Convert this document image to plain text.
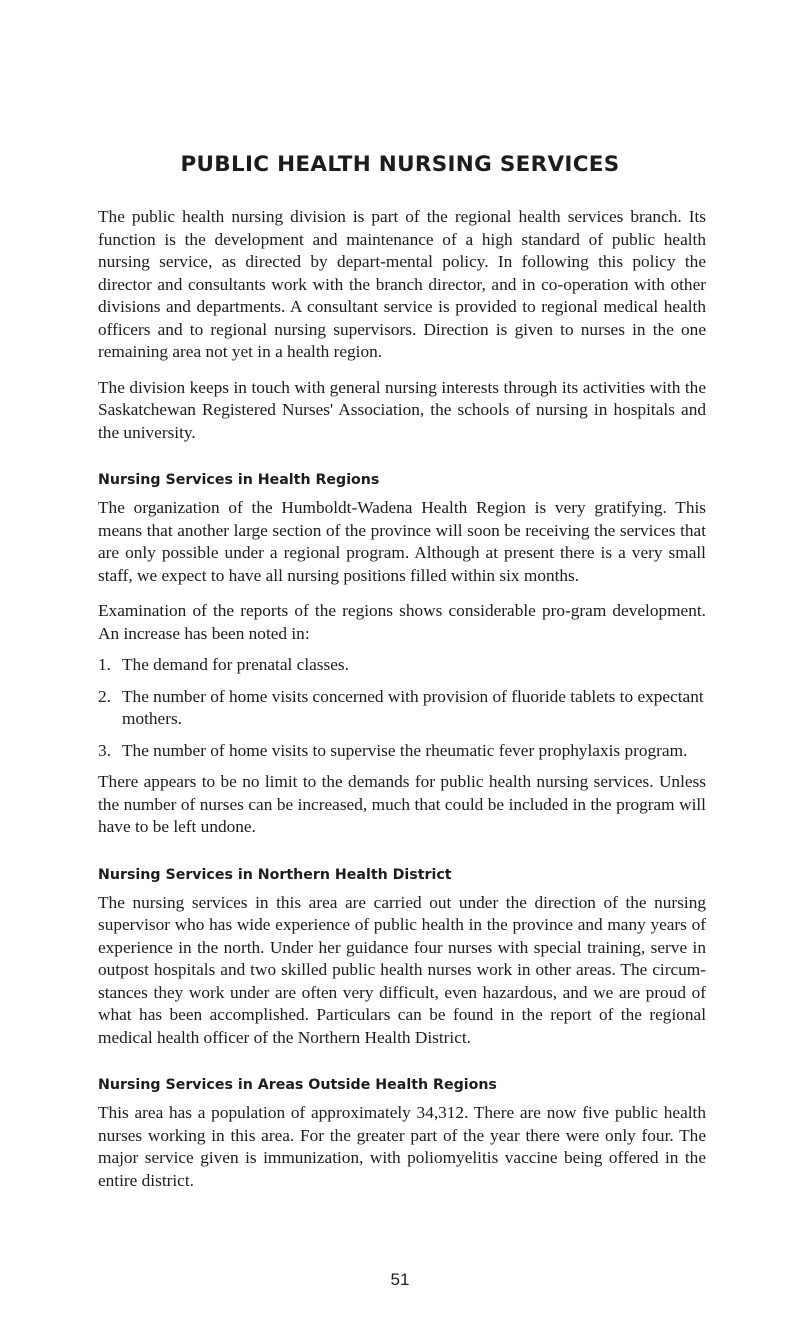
PUBLIC HEALTH NURSING SERVICES

The public health nursing division is part of the regional health services branch. Its function is the development and maintenance of a high standard of public health nursing service, as directed by depart-mental policy. In following this policy the director and consultants work with the branch director, and in co-operation with other divisions and departments. A consultant service is provided to regional medical health officers and to regional nursing supervisors. Direction is given to nurses in the one remaining area not yet in a health region.

The division keeps in touch with general nursing interests through its activities with the Saskatchewan Registered Nurses' Association, the schools of nursing in hospitals and the university.

Nursing Services in Health Regions

The organization of the Humboldt-Wadena Health Region is very gratifying. This means that another large section of the province will soon be receiving the services that are only possible under a regional program. Although at present there is a very small staff, we expect to have all nursing positions filled within six months.

Examination of the reports of the regions shows considerable pro-gram development. An increase has been noted in:

1. The demand for prenatal classes.
2. The number of home visits concerned with provision of fluoride tablets to expectant mothers.
3. The number of home visits to supervise the rheumatic fever prophylaxis program.

There appears to be no limit to the demands for public health nursing services. Unless the number of nurses can be increased, much that could be included in the program will have to be left undone.

Nursing Services in Northern Health District

The nursing services in this area are carried out under the direction of the nursing supervisor who has wide experience of public health in the province and many years of experience in the north. Under her guidance four nurses with special training, serve in outpost hospitals and two skilled public health nurses work in other areas. The circum-stances they work under are often very difficult, even hazardous, and we are proud of what has been accomplished. Particulars can be found in the report of the regional medical health officer of the Northern Health District.

Nursing Services in Areas Outside Health Regions

This area has a population of approximately 34,312. There are now five public health nurses working in this area. For the greater part of the year there were only four. The major service given is immunization, with poliomyelitis vaccine being offered in the entire district.

51
